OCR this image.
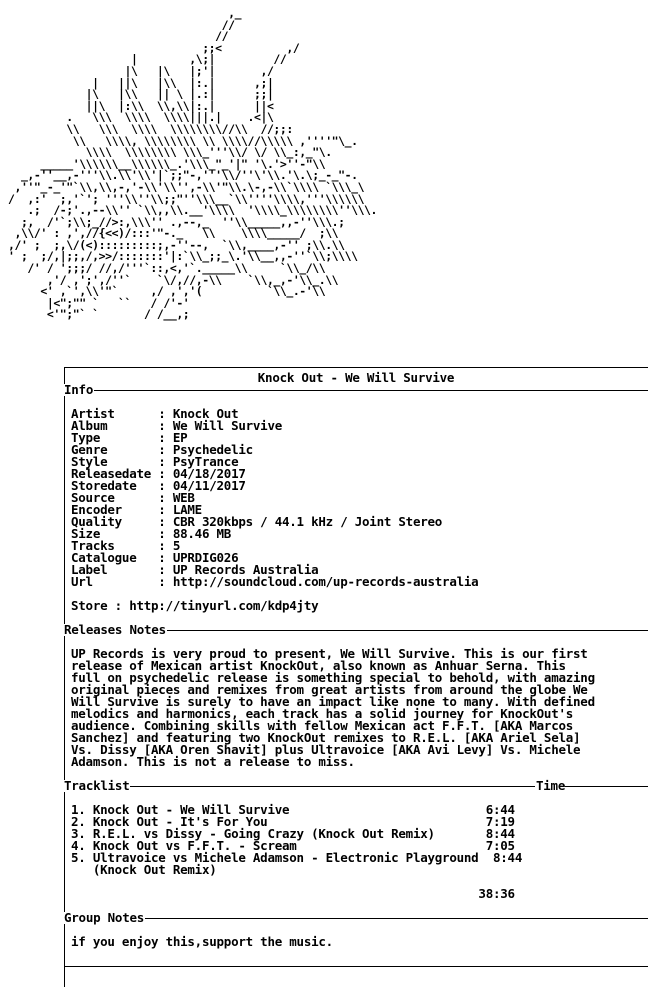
,_
//
//
;;<          ,/
|        ,\;|         //
|\   |\   |;'|       ,/
|   ||\   |\\  |:.|      ,;|
|\   |\\   || \ |.:|      ;;|
||\  |:\\  \\,\\|:.|      ||<
.   \\\  \\\\  \\\\|||.|    .<|\
\\   \\\  \\\\  \\\\\\\\//\\  //;;:
\\   \\\\, \\\\\\\\ \\ \\\\//\\\\\ ,''''"\_.
\\\\  \\\\\\\\ \\\_'''\\/ \/ \\_:,_"\.
_____'\\\\\\__\\\\\\_.'\\\_"_'|" '\.'>''-"\\
_,-''__,-'''\\.\\'\\'|`;;"-,'''\\/''\'\\.'\.\;_-_"-.
,''"_-_'"`\\,\\,-,'-\\'\\'',-\\'"\\.\-,-\\`\\\\ `\\\_\
/  ,:'  ;,'`'; '''\\''\\;;"''\\\__`\\''''\\\\,'''\\\\\\
.;  /-;'.,--\\'' `\\,,\\.__'\\\\  '\\\\_\\\\\\\\''\\\.
;,  /'`;\\;_//>:,\\\'' .,--,_  ''\\_____,,-''\\\.;
,\\/' : ,',//{<<)/:::'"-._   \\    \\\\_____/  ;\\
,/' ;  ;,\/(<):::::::::;,-''--,  `\\,____,-'' ;\\.\\
' ;  ;/,|;;,/,>>/:::::::'|:`\\_;;_\.'\\__,,-''`\\;\\\\
/' / ';;;/ //,/'''`::,<,'`._____\\     `\\_/\\
,'/ ,';',/''`    `\/,//,-\\    `\\,_,-'\\_.\\
<' ,`',\\'"`     ,/ ,','(          `\\_.-'\\
|<";"" `   ``   / /'-'
<'";"` `       / /__,;
Knock Out - We Will Survive
Info
Artist      : Knock Out
Album       : We Will Survive
Type        : EP
Genre       : Psychedelic
Style       : PsyTrance
Releasedate : 04/18/2017
Storedate   : 04/11/2017
Source      : WEB
Encoder     : LAME
Quality     : CBR 320kbps / 44.1 kHz / Joint Stereo
Size        : 88.46 MB
Tracks      : 5
Catalogue   : UPRDIG026
Label       : UP Records Australia
Url         : http://soundcloud.com/up-records-australia

Store : http://tinyurl.com/kdp4jty
Releases Notes
UP Records is very proud to present, We Will Survive. This is our first
release of Mexican artist KnockOut, also known as Anhuar Serna. This
full on psychedelic release is something special to behold, with amazing
original pieces and remixes from great artists from around the globe We
Will Survive is surely to have an impact like none to many. With defined
melodics and harmonics, each track has a solid journey for KnockOut's
audience. Combining skills with fellow Mexican act F.F.T. [AKA Marcos
Sanchez] and featuring two KnockOut remixes to R.E.L. [AKA Ariel Sela]
Vs. Dissy [AKA Oren Shavit] plus Ultravoice [AKA Avi Levy] Vs. Michele
Adamson. This is not a release to miss.
Tracklist	Time
1. Knock Out - We Will Survive                           6:44
2. Knock Out - It's For You                              7:19
3. R.E.L. vs Dissy - Going Crazy (Knock Out Remix)       8:44
4. Knock Out vs F.F.T. - Scream                          7:05
5. Ultravoice vs Michele Adamson - Electronic Playground  8:44
(Knock Out Remix)

38:36
Group Notes
if you enjoy this,support the music.
